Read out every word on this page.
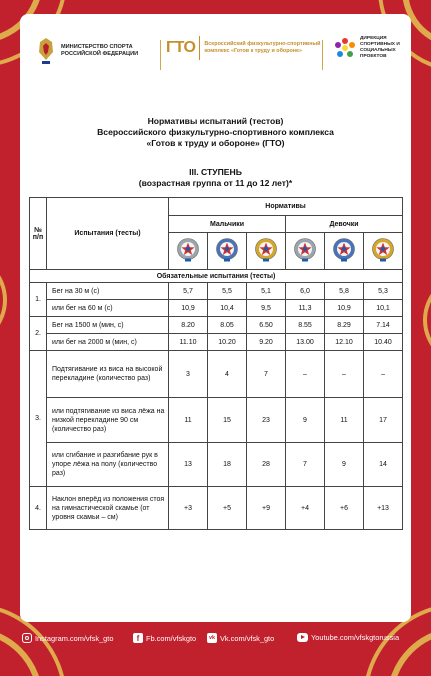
МИНИСТЕРСТВО СПОРТА РОССИЙСКОЙ ФЕДЕРАЦИИ	ГТО Всероссийский физкультурно-спортивный комплекс «Готов к труду и обороне»
ДИРЕКЦИЯ СПОРТИВНЫХ И СОЦИАЛЬНЫХ ПРОЕКТОВ
Нормативы испытаний (тестов)
Всероссийского физкультурно-спортивного комплекса
«Готов к труду и обороне» (ГТО)
III. СТУПЕНЬ
(возрастная группа от 11 до 12 лет)*
№ п/п	Испытания (тесты)	Нормативы					
		Мальчики			Девочки		

Обязательные испытания (тесты)							
1.	Бег на 30 м (с)	5,7	5,5	5,1	6,0	5,8	5,3
	или бег на 60 м (с)	10,9	10,4	9,5	11,3	10,9	10,1
2.	Бег на 1500 м (мин, с)	8.20	8.05	6.50	8.55	8.29	7.14
	или бег на 2000 м (мин, с)	11.10	10.20	9.20	13.00	12.10	10.40
3.	Подтягивание из виса на высокой перекладине (количество раз)	3	4	7	–	–	–
	или подтягивание из виса лёжа на низкой перекладине 90 см (количество раз)	11	15	23	9	11	17
	или сгибание и разгибание рук в упоре лёжа на полу (количество раз)	13	18	28	7	9	14
4.	Наклон вперёд из положения стоя на гимнастической скамье (от уровня скамьи – см)	+3	+5	+9	+4	+6	+13
Instagram.com/vfsk_gto	f Fb.com/vfskgto	vk Vk.com/vfsk_gto	Youtube.com/vfskgtorussia
